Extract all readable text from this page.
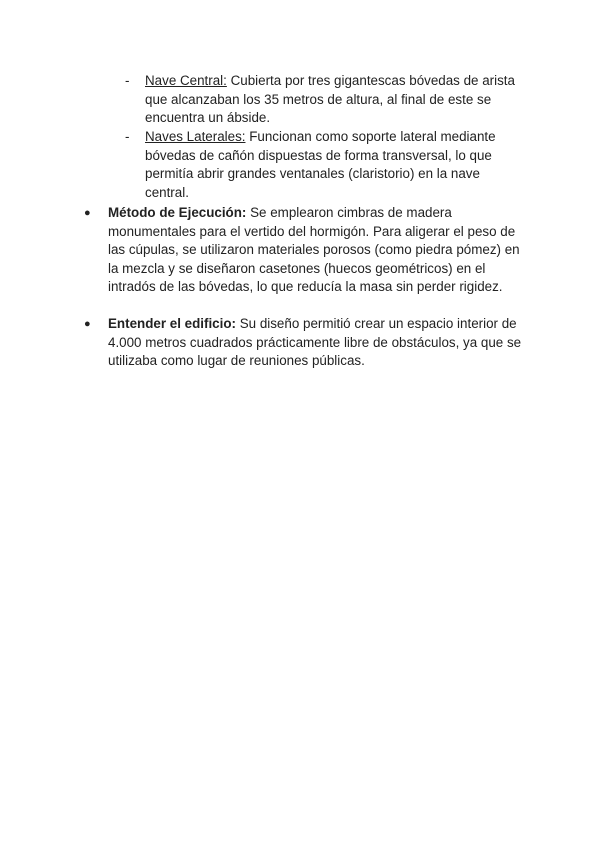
- Nave Central: Cubierta por tres gigantescas bóvedas de arista que alcanzaban los 35 metros de altura, al final de este se encuentra un ábside.
- Naves Laterales: Funcionan como soporte lateral mediante bóvedas de cañón dispuestas de forma transversal, lo que permitía abrir grandes ventanales (claristorio) en la nave central.
● Método de Ejecución: Se emplearon cimbras de madera monumentales para el vertido del hormigón. Para aligerar el peso de las cúpulas, se utilizaron materiales porosos (como piedra pómez) en la mezcla y se diseñaron casetones (huecos geométricos) en el intradós de las bóvedas, lo que reducía la masa sin perder rigidez.
● Entender el edificio: Su diseño permitió crear un espacio interior de 4.000 metros cuadrados prácticamente libre de obstáculos, ya que se utilizaba como lugar de reuniones públicas.
